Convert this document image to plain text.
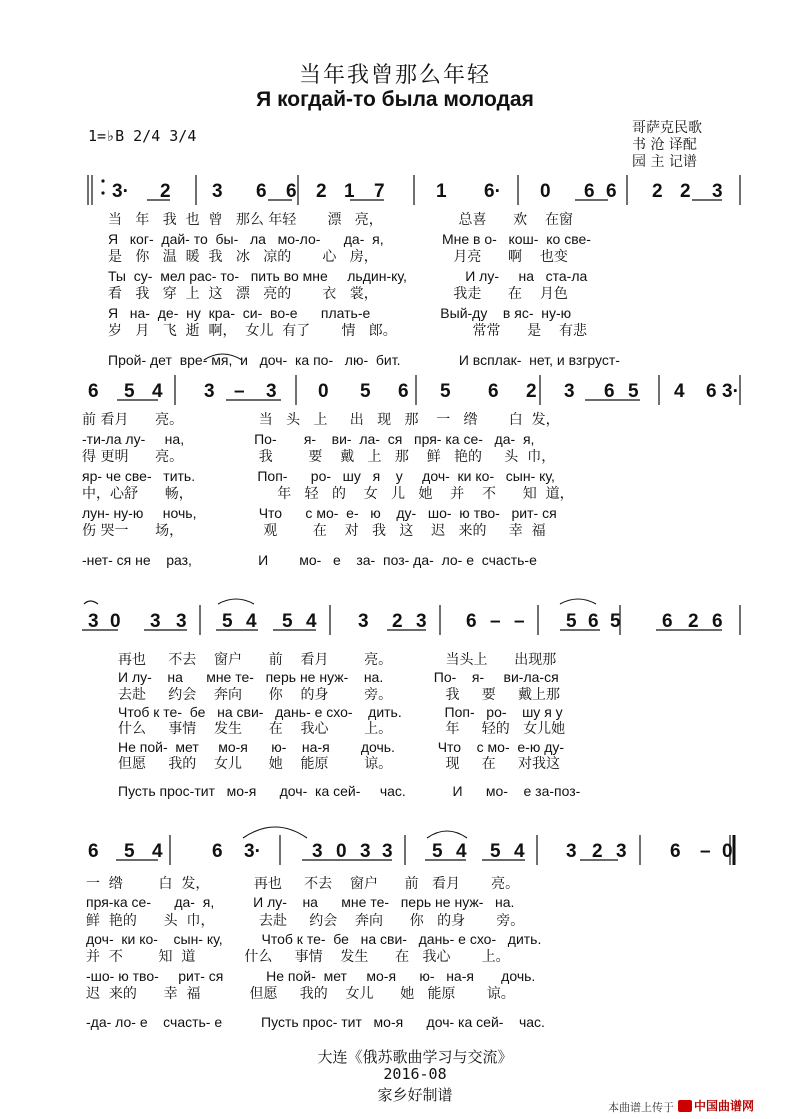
当年我曾那么年轻
Я когдай-то была молодая
1=♭B 2/4 3/4	哥萨克民歌
书 沧 译配
园 主 记谱
3· 2 3 6 6 2 1 7	1 6· 0 6 6 2 2 3
6 5 4 3 – 3 0 5 6 5 6 2 3 6 5 4 6 3·
3 0 3 3 5 4 5 4 3 2 3 6 – – 5 6 5 6 2 6
6 5 4	6 3·	3 0 3 3 5 4 5 4 3 2 3 6 – 0
当   年   我  也  曾   那么 年轻       漂   亮，                 总喜      欢    在窗
Я   ког-  дай- то  бы-   ла   мо-ло-      да-  я,               Мне в о-   кош-  ко све-
是   你   温  暖  我   冰   凉的       心   房，                 月亮      啊    也变
Ты  су-  мел рас- то-   пить во мне     льдин-ку,               И лу-     на   ста-ла
看   我   穿  上  这   漂   亮的       衣   裳，                 我走      在    月色
Я   на-  де-  ну  кра-  си-  во-е      плать-е                  Вый-ду    в яс-  ну-ю
岁   月   飞  逝  啊，  女儿  有了       情   郎。                 常常      是    有悲
Прой- дет  вре- мя,  и   доч-  ка по-   лю-  бит.               И всплак-  нет, и взгруст-
前 看月      亮。                 当   头   上     出   现   那    一   绺       白  发，
-ти-ла лу-     на,                  По-       я-    ви-  ла-  ся   пря- ка се-   да-  я,
得 更明      亮。                 我        要    戴   上   那    鲜   艳的     头  巾，
яр- че све-   тить.                Поп-      ро-   шу   я    у     доч-  ки ко-   сын- ку,
中，心舒      畅，                   年   轻   的    女   儿   她    并    不      知  道，
лун- ну-ю     ночь,                Что      с мо-  е-   ю    ду-   шо-  ю тво-   рит- ся
伤 哭一      场，                  观        在    对   我   这    迟   来的     幸  福
-нет- ся не    раз,                 И        мо-   е    за-  поз- да-  ло- е  счасть-е
再也     不去    窗户      前    看月        亮。            当头上      出现那
И лу-    на      мне те-   перь не нуж-    на.             По-    я-     ви-ла-ся
去赴     约会    奔向      你    的身        旁。            我     要     戴上那
Чтоб к те-  бе   на сви-   дань- е схо-    дить.           Поп-   ро-    шу я у
什么     事情    发生      在    我心        上。            年     轻的   女儿她
Не пой-  мет     мо-я      ю-    на-я        дочь.           Что    с мо-  е-ю ду-
但愿     我的    女儿      她    能原        谅。            现     在     对我这
Пусть прос-тит   мо-я      доч-  ка сей-     час.            И      мо-    е за-поз-
一  绺        白  发，          再也     不去    窗户      前   看月       亮。
пря-ка се-      да-  я,          И лу-    на      мне те-   перь не нуж-   на.
鲜  艳的      头  巾，          去赴     约会    奔向      你   的身       旁。
доч-  ки ко-    сын- ку,          Чтоб к те-  бе   на сви-   дань- е схо-   дить.
并  不        知  道           什么     事情    发生      在   我心       上。
-шо- ю тво-     рит- ся           Не пой-  мет     мо-я      ю-   на-я       дочь.
迟  来的      幸  福           但愿     我的    女儿      她   能原       谅。
-да- ло- е    счасть- е          Пусть прос- тит   мо-я      доч- ка сей-    час.
大连《俄苏歌曲学习与交流》
2016-08
家乡好制谱
本曲谱上传于	中国曲谱网
